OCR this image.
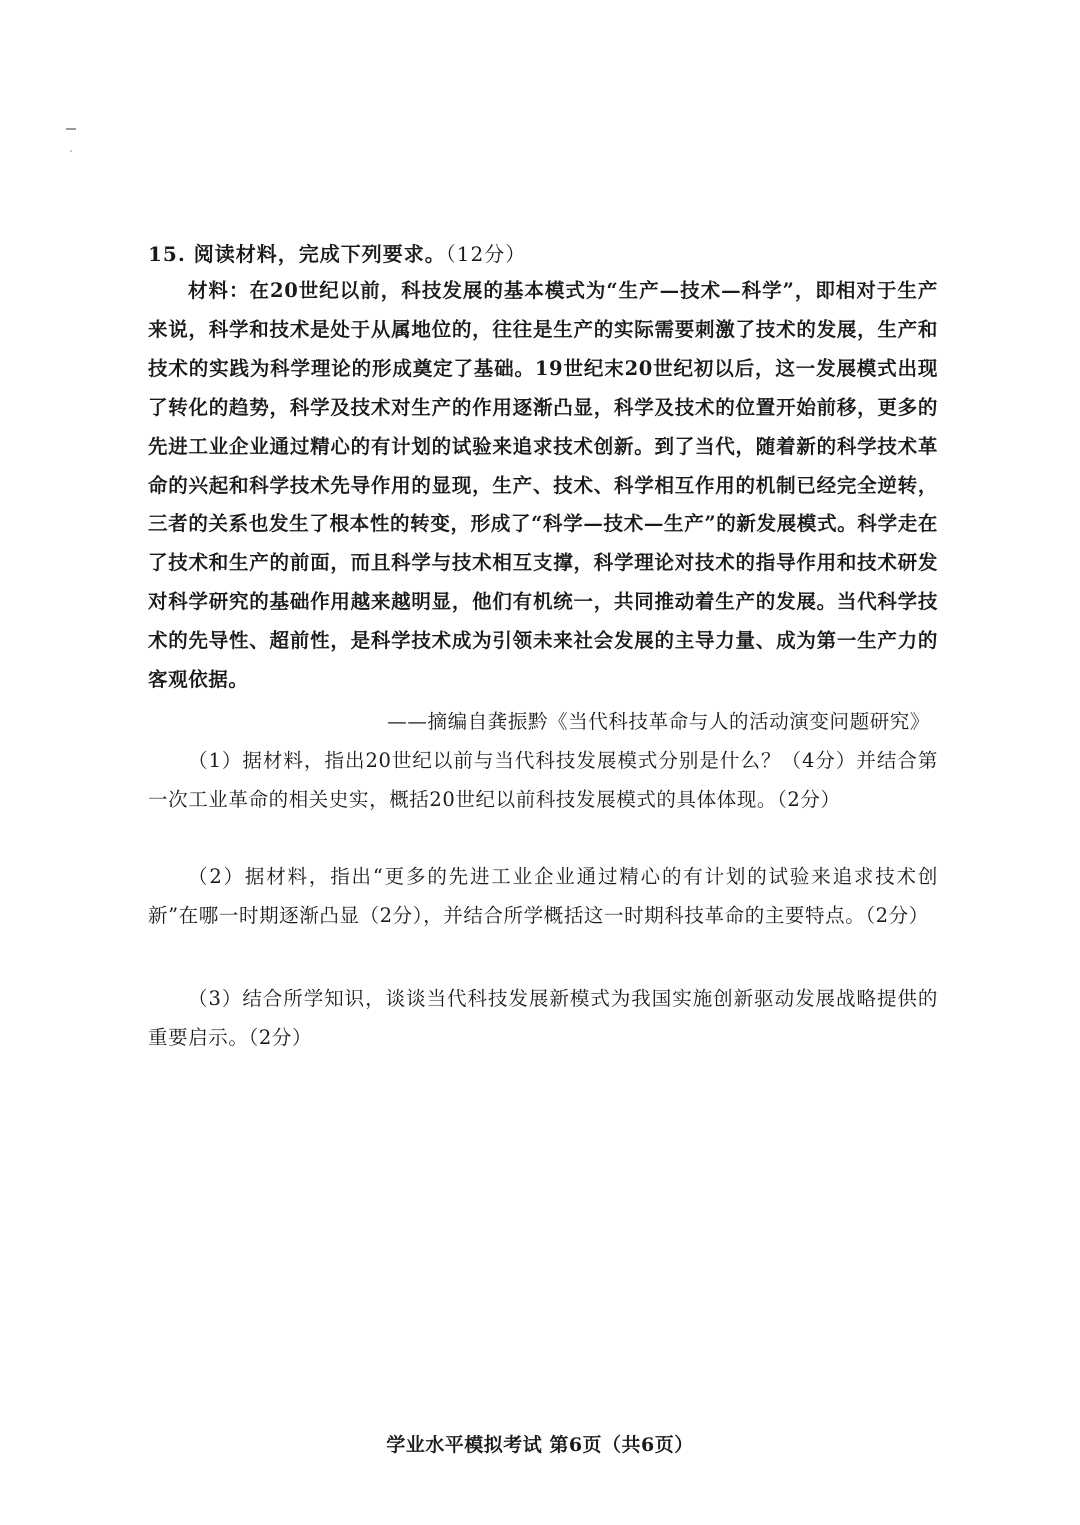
15. 阅读材料，完成下列要求。（12分）

材料：在20世纪以前，科技发展的基本模式为“生产—技术—科学”，即相对于生产来说，科学和技术是处于从属地位的，往往是生产的实际需要刺激了技术的发展，生产和技术的实践为科学理论的形成奠定了基础。19世纪末20世纪初以后，这一发展模式出现了转化的趋势，科学及技术对生产的作用逐渐凸显，科学及技术的位置开始前移，更多的先进工业企业通过精心的有计划的试验来追求技术创新。到了当代，随着新的科学技术革命的兴起和科学技术先导作用的显现，生产、技术、科学相互作用的机制已经完全逆转，三者的关系也发生了根本性的转变，形成了“科学—技术—生产”的新发展模式。科学走在了技术和生产的前面，而且科学与技术相互支撑，科学理论对技术的指导作用和技术研发对科学研究的基础作用越来越明显，他们有机统一，共同推动着生产的发展。当代科学技术的先导性、超前性，是科学技术成为引领未来社会发展的主导力量、成为第一生产力的客观依据。

——摘编自龚振黔《当代科技革命与人的活动演变问题研究》

（1）据材料，指出20世纪以前与当代科技发展模式分别是什么？（4分）并结合第一次工业革命的相关史实，概括20世纪以前科技发展模式的具体体现。（2分）

（2）据材料，指出“更多的先进工业企业通过精心的有计划的试验来追求技术创新”在哪一时期逐渐凸显（2分），并结合所学概括这一时期科技革命的主要特点。（2分）

（3）结合所学知识，谈谈当代科技发展新模式为我国实施创新驱动发展战略提供的重要启示。（2分）

学业水平模拟考试 第6页（共6页）
